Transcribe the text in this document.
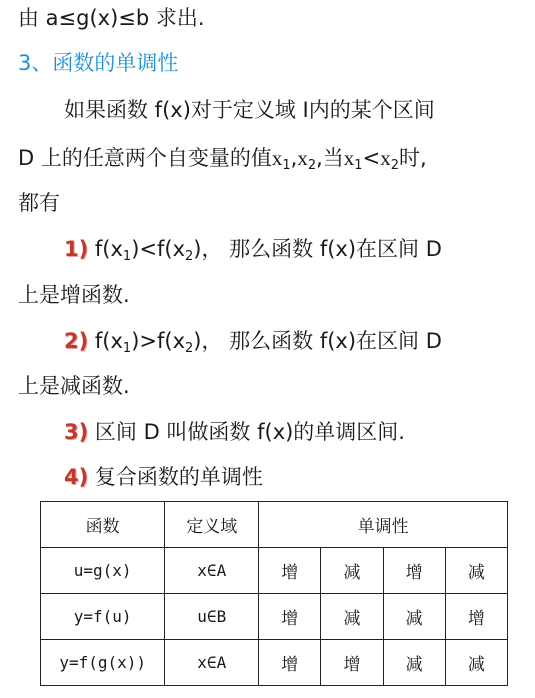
由 a≤g(x)≤b 求出.
3、函数的单调性
如果函数 f(x)对于定义域 I内的某个区间
D 上的任意两个自变量的值$x_1,x_2$,当$x_1<x_2$时,
都有
1) $f(x_1)<f(x_2)$， 那么函数 f(x)在区间 D
上是增函数.
2) $f(x_1)>f(x_2)$， 那么函数 f(x)在区间 D
上是减函数.
3) 区间 D 叫做函数 f(x)的单调区间.
4) 复合函数的单调性
函数	定义域	单调性			
u=g(x)	x∈A	增	减	增	减
y=f(u)	u∈B	增	减	减	增
y=f(g(x))	x∈A	增	增	减	减
